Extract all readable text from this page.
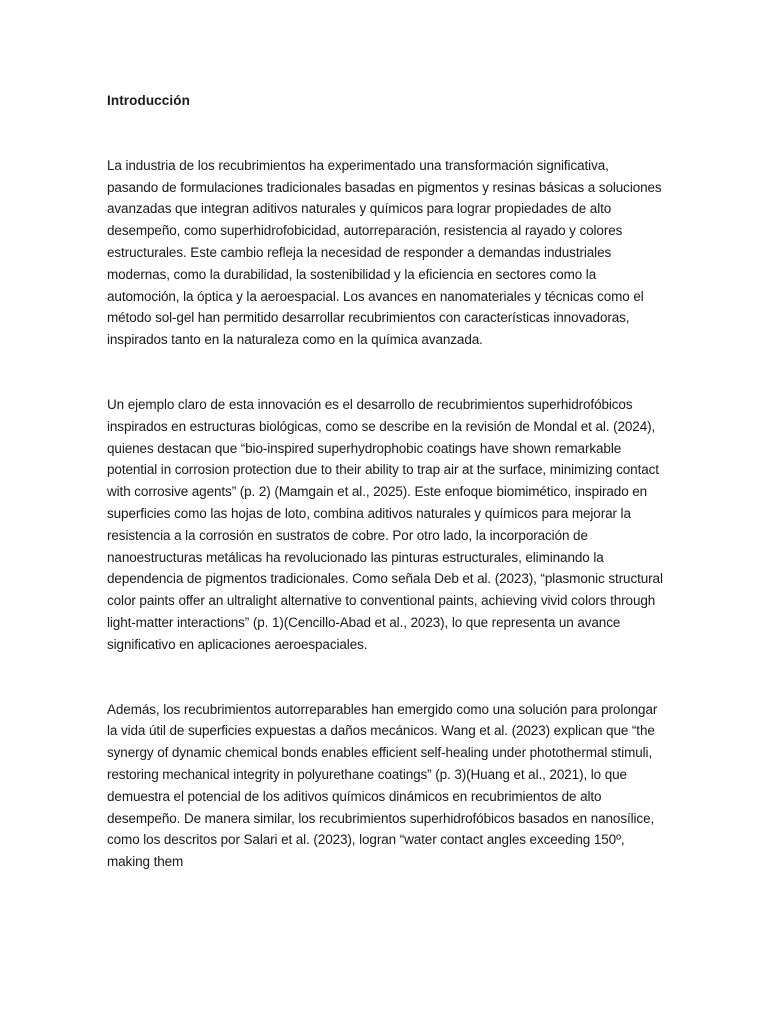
Introducción

La industria de los recubrimientos ha experimentado una transformación significativa, pasando de formulaciones tradicionales basadas en pigmentos y resinas básicas a soluciones avanzadas que integran aditivos naturales y químicos para lograr propiedades de alto desempeño, como superhidrofobicidad, autorreparación, resistencia al rayado y colores estructurales. Este cambio refleja la necesidad de responder a demandas industriales modernas, como la durabilidad, la sostenibilidad y la eficiencia en sectores como la automoción, la óptica y la aeroespacial. Los avances en nanomateriales y técnicas como el método sol-gel han permitido desarrollar recubrimientos con características innovadoras, inspirados tanto en la naturaleza como en la química avanzada.

Un ejemplo claro de esta innovación es el desarrollo de recubrimientos superhidrofóbicos inspirados en estructuras biológicas, como se describe en la revisión de Mondal et al. (2024), quienes destacan que “bio-inspired superhydrophobic coatings have shown remarkable potential in corrosion protection due to their ability to trap air at the surface, minimizing contact with corrosive agents” (p. 2) (Mamgain et al., 2025). Este enfoque biomimético, inspirado en superficies como las hojas de loto, combina aditivos naturales y químicos para mejorar la resistencia a la corrosión en sustratos de cobre. Por otro lado, la incorporación de nanoestructuras metálicas ha revolucionado las pinturas estructurales, eliminando la dependencia de pigmentos tradicionales. Como señala Deb et al. (2023), “plasmonic structural color paints offer an ultralight alternative to conventional paints, achieving vivid colors through light-matter interactions” (p. 1)(Cencillo-Abad et al., 2023), lo que representa un avance significativo en aplicaciones aeroespaciales.

Además, los recubrimientos autorreparables han emergido como una solución para prolongar la vida útil de superficies expuestas a daños mecánicos. Wang et al. (2023) explican que “the synergy of dynamic chemical bonds enables efficient self-healing under photothermal stimuli, restoring mechanical integrity in polyurethane coatings” (p. 3)(Huang et al., 2021), lo que demuestra el potencial de los aditivos químicos dinámicos en recubrimientos de alto desempeño. De manera similar, los recubrimientos superhidrofóbicos basados en nanosílice, como los descritos por Salari et al. (2023), logran “water contact angles exceeding 150º, making them
